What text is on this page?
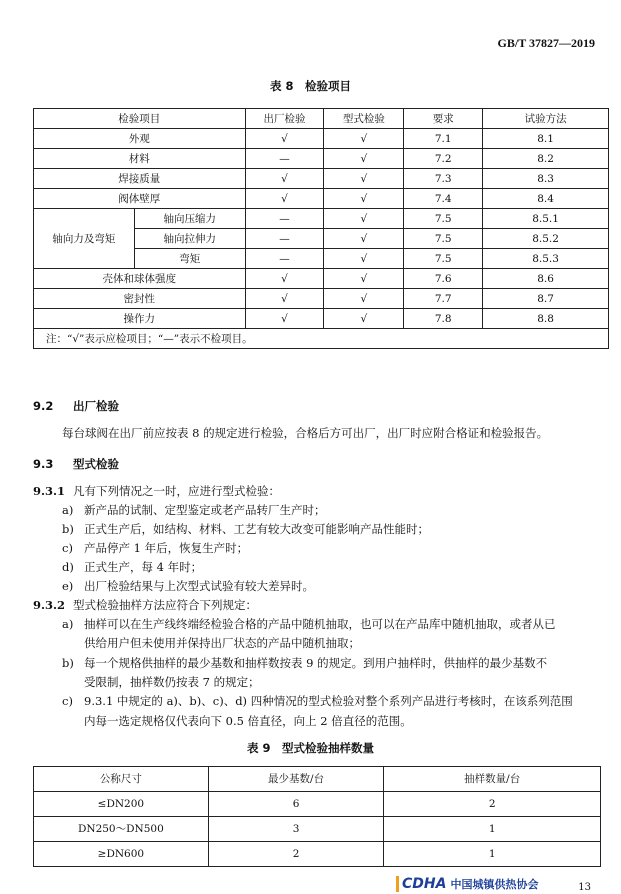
GB/T 37827—2019
表 8　检验项目
检验项目		出厂检验	型式检验	要求	试验方法
外观		√	√	7.1	8.1
材料		—	√	7.2	8.2
焊接质量		√	√	7.3	8.3
阀体壁厚		√	√	7.4	8.4
轴向力及弯矩	轴向压缩力	—	√	7.5	8.5.1
	轴向拉伸力	—	√	7.5	8.5.2
	弯矩	—	√	7.5	8.5.3
壳体和球体强度		√	√	7.6	8.6
密封性		√	√	7.7	8.7
操作力		√	√	7.8	8.8
注：“√”表示应检项目；“—”表示不检项目。					
9.2 出厂检验
每台球阀在出厂前应按表 8 的规定进行检验，合格后方可出厂，出厂时应附合格证和检验报告。
9.3 型式检验
9.3.1 凡有下列情况之一时，应进行型式检验：
a) 新产品的试制、定型鉴定或老产品转厂生产时；
b) 正式生产后，如结构、材料、工艺有较大改变可能影响产品性能时；
c) 产品停产 1 年后，恢复生产时；
d) 正式生产，每 4 年时；
e) 出厂检验结果与上次型式试验有较大差异时。
9.3.2 型式检验抽样方法应符合下列规定：
a) 抽样可以在生产线终端经检验合格的产品中随机抽取，也可以在产品库中随机抽取，或者从已
供给用户但未使用并保持出厂状态的产品中随机抽取；
b) 每一个规格供抽样的最少基数和抽样数按表 9 的规定。到用户抽样时，供抽样的最少基数不
受限制，抽样数仍按表 7 的规定；
c) 9.3.1 中规定的 a)、b)、c)、d) 四种情况的型式检验对整个系列产品进行考核时，在该系列范围
内每一选定规格仅代表向下 0.5 倍直径，向上 2 倍直径的范围。
表 9　型式检验抽样数量
公称尺寸	最少基数/台	抽样数量/台
≤DN200	6	2
DN250～DN500	3	1
≥DN600	2	1
CDHA 中国城镇供热协会	13
